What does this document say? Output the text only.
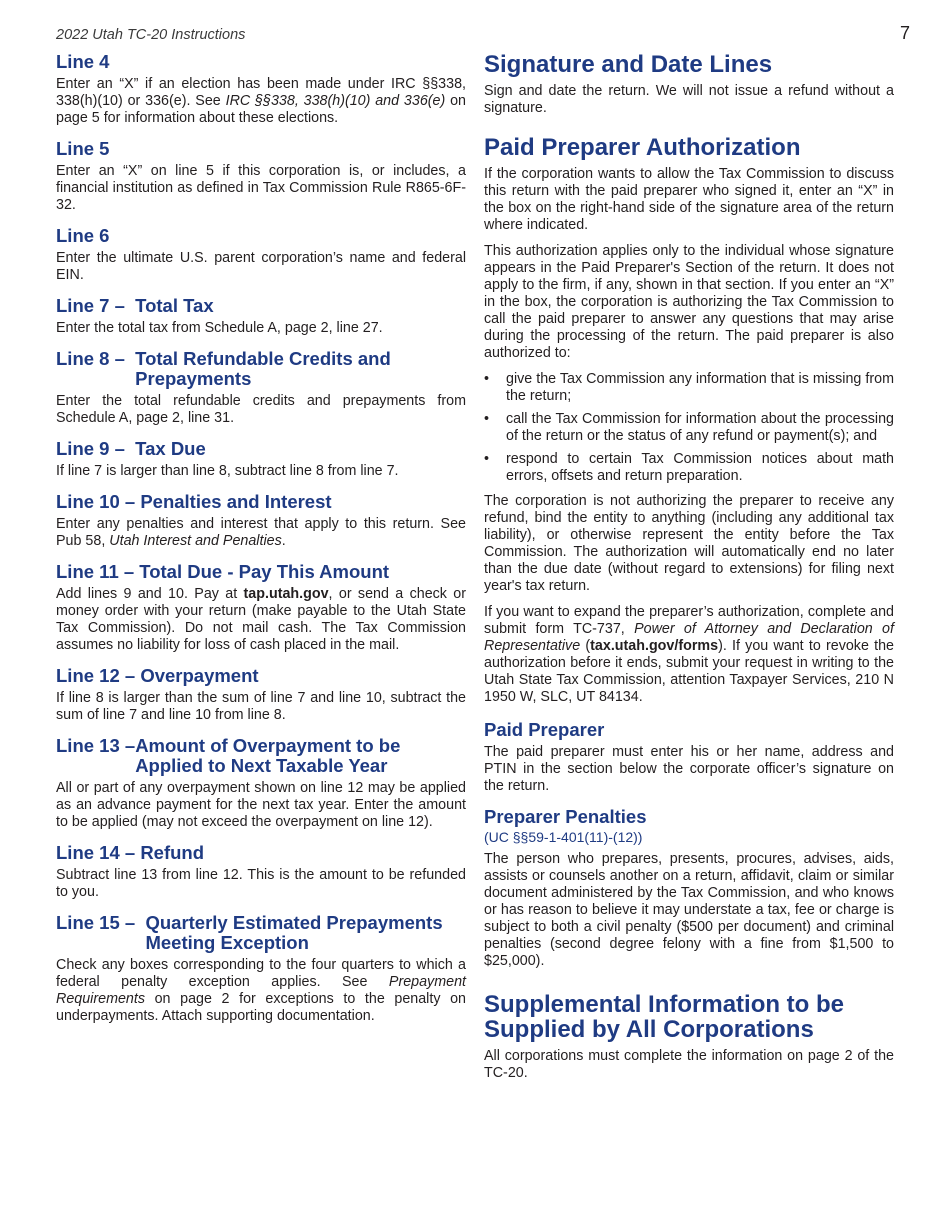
2022 Utah TC-20 Instructions	7
Line 4

Enter an “X” if an election has been made under IRC §§338, 338(h)(10) or 336(e). See IRC §§338, 338(h)(10) and 336(e) on page 5 for information about these elections.

Line 5

Enter an “X” on line 5 if this corporation is, or includes, a financial institution as defined in Tax Commission Rule R865-6F-32.

Line 6

Enter the ultimate U.S. parent corporation’s name and federal EIN.

Line 7 – Total Tax

Enter the total tax from Schedule A, page 2, line 27.

Line 8 – Total Refundable Credits and Prepayments

Enter the total refundable credits and prepayments from Schedule A, page 2, line 31.

Line 9 – Tax Due

If line 7 is larger than line 8, subtract line 8 from line 7.

Line 10 – Penalties and Interest

Enter any penalties and interest that apply to this return. See Pub 58, Utah Interest and Penalties.

Line 11 – Total Due - Pay This Amount

Add lines 9 and 10. Pay at tap.utah.gov, or send a check or money order with your return (make payable to the Utah State Tax Commission). Do not mail cash. The Tax Commission assumes no liability for loss of cash placed in the mail.

Line 12 – Overpayment

If line 8 is larger than the sum of line 7 and line 10, subtract the sum of line 7 and line 10 from line 8.

Line 13 – Amount of Overpayment to be Applied to Next Taxable Year

All or part of any overpayment shown on line 12 may be applied as an advance payment for the next tax year. Enter the amount to be applied (may not exceed the overpayment on line 12).

Line 14 – Refund

Subtract line 13 from line 12. This is the amount to be refunded to you.

Line 15 – Quarterly Estimated Prepayments Meeting Exception

Check any boxes corresponding to the four quarters to which a federal penalty exception applies. See Prepayment Requirements on page 2 for exceptions to the penalty on underpayments. Attach supporting documentation.

Signature and Date Lines

Sign and date the return. We will not issue a refund without a signature.

Paid Preparer Authorization

If the corporation wants to allow the Tax Commission to discuss this return with the paid preparer who signed it, enter an “X” in the box on the right-hand side of the signature area of the return where indicated.

This authorization applies only to the individual whose signature appears in the Paid Preparer's Section of the return. It does not apply to the firm, if any, shown in that section. If you enter an “X” in the box, the corporation is authorizing the Tax Commission to call the paid preparer to answer any questions that may arise during the processing of the return. The paid preparer is also authorized to:

• give the Tax Commission any information that is missing from the return;
• call the Tax Commission for information about the processing of the return or the status of any refund or payment(s); and
• respond to certain Tax Commission notices about math errors, offsets and return preparation.

The corporation is not authorizing the preparer to receive any refund, bind the entity to anything (including any additional tax liability), or otherwise represent the entity before the Tax Commission. The authorization will automatically end no later than the due date (without regard to extensions) for filing next year's tax return.

If you want to expand the preparer’s authorization, complete and submit form TC-737, Power of Attorney and Declaration of Representative (tax.utah.gov/forms). If you want to revoke the authorization before it ends, submit your request in writing to the Utah State Tax Commission, attention Taxpayer Services, 210 N 1950 W, SLC, UT 84134.

Paid Preparer

The paid preparer must enter his or her name, address and PTIN in the section below the corporate officer’s signature on the return.

Preparer Penalties
(UC §§59-1-401(11)-(12))

The person who prepares, presents, procures, advises, aids, assists or counsels another on a return, affidavit, claim or similar document administered by the Tax Commission, and who knows or has reason to believe it may understate a tax, fee or charge is subject to both a civil penalty ($500 per document) and criminal penalties (second degree felony with a fine from $1,500 to $25,000).

Supplemental Information to be Supplied by All Corporations

All corporations must complete the information on page 2 of the TC-20.
